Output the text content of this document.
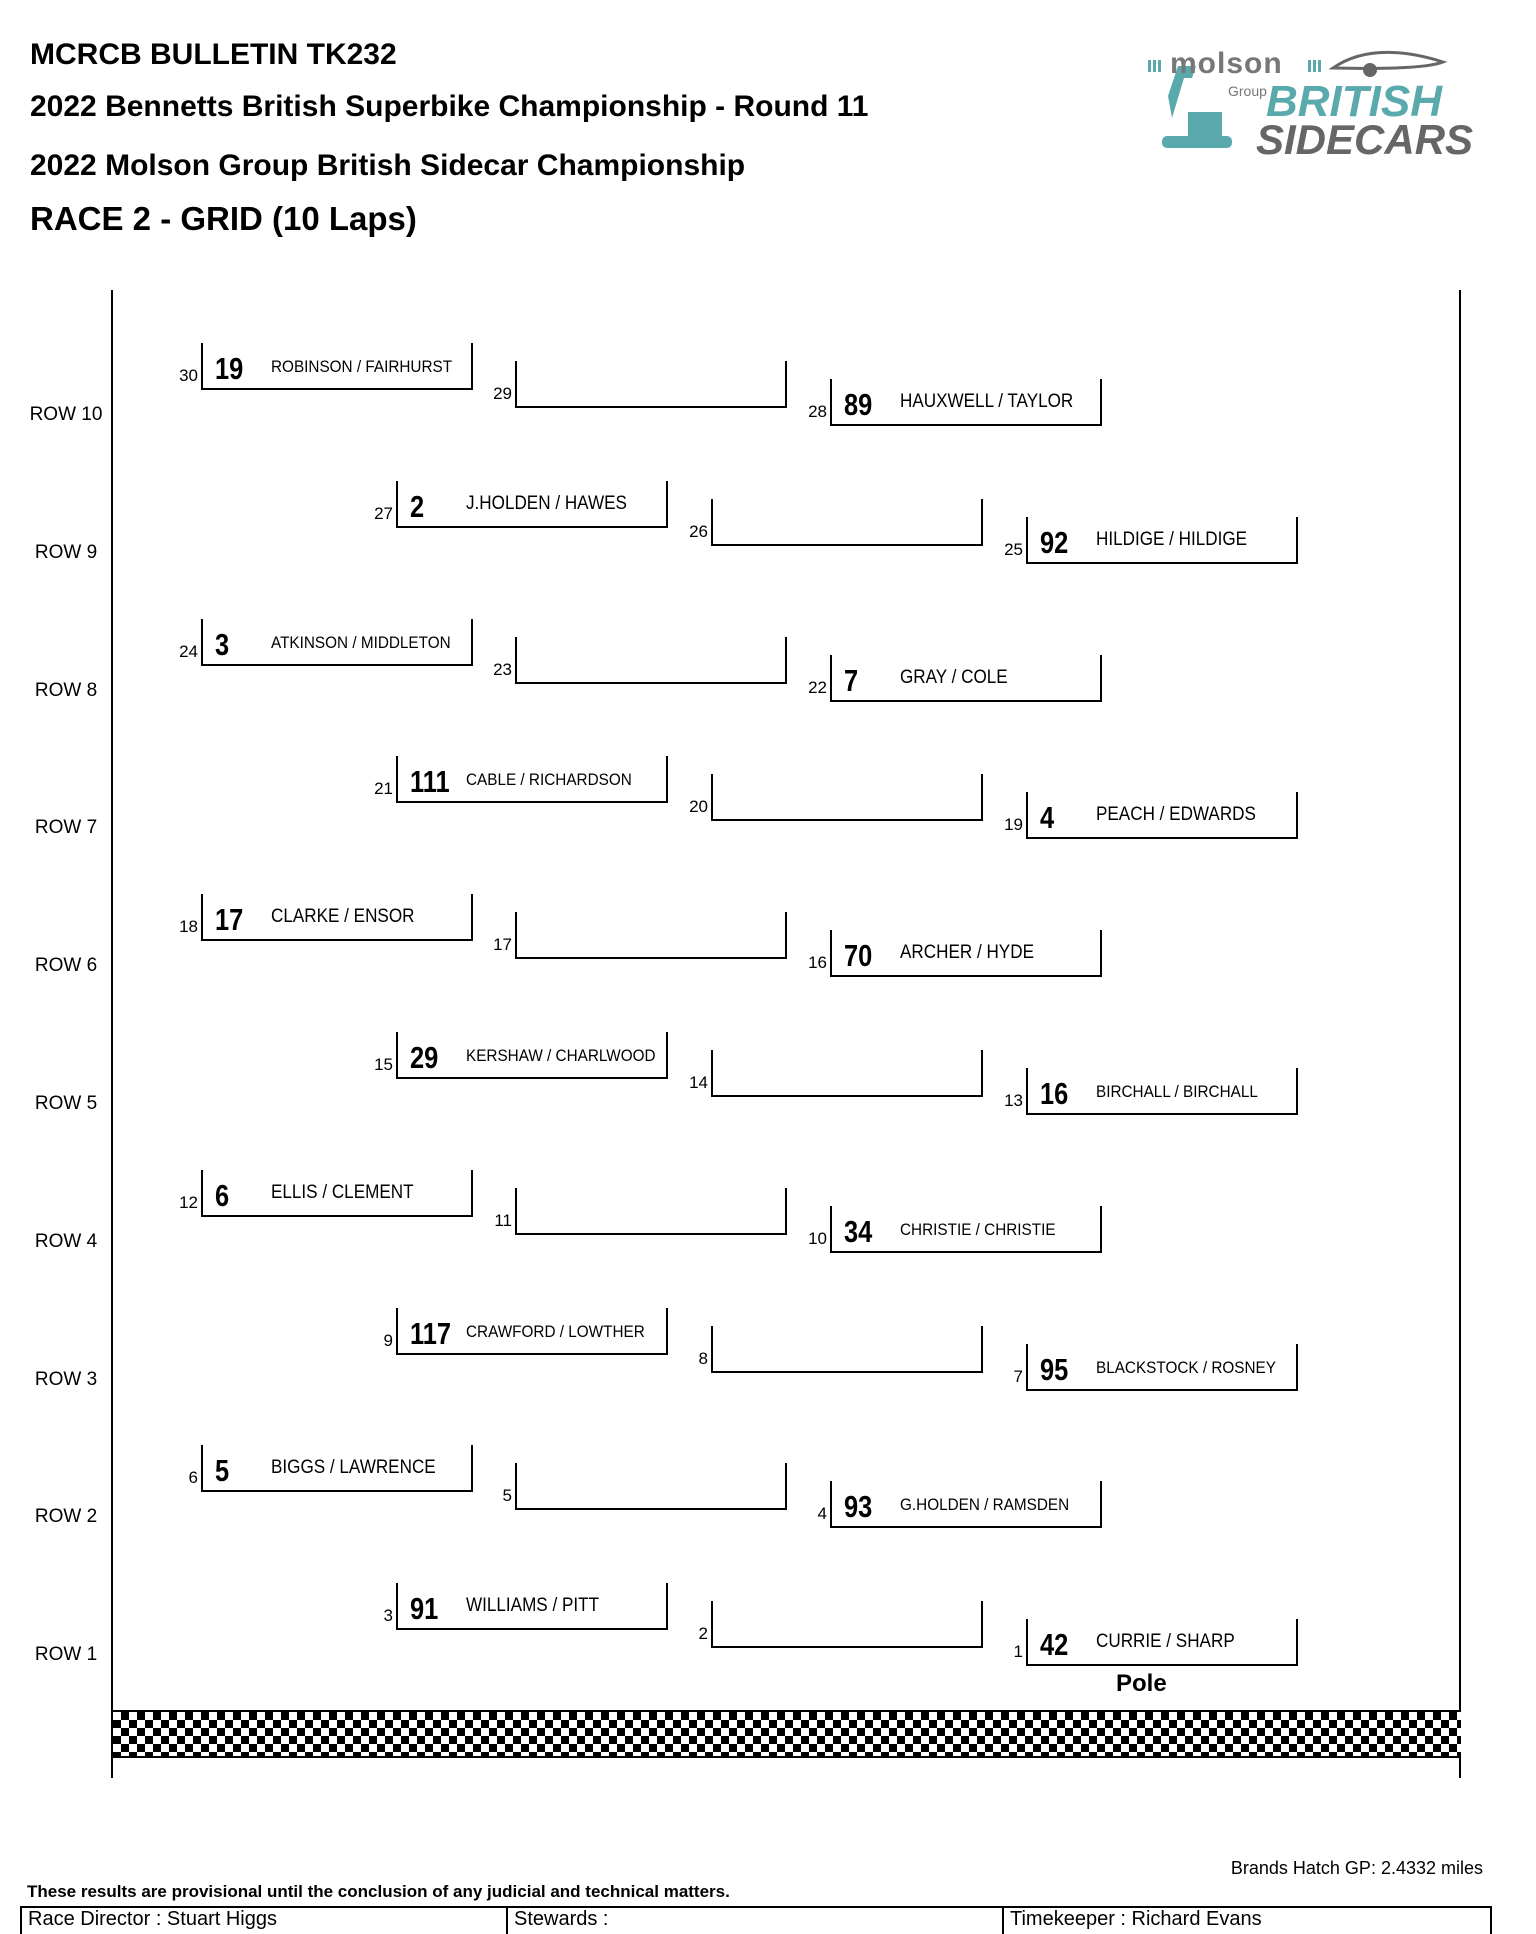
MCRCB BULLETIN TK232
2022 Bennetts British Superbike Championship - Round 11
2022 Molson Group British Sidecar Championship
RACE 2 - GRID (10 Laps)
molson
Group BRITISH
SIDECARS
ROW 10
ROW 9
ROW 8
ROW 7
ROW 6
ROW 5
ROW 4
ROW 3
ROW 2
ROW 1
30 19 ROBINSON / FAIRHURST
29
28 89 HAUXWELL / TAYLOR
27 2 J.HOLDEN / HAWES
26
25 92 HILDIGE / HILDIGE
24 3 ATKINSON / MIDDLETON
23
22 7 GRAY / COLE
21 111 CABLE / RICHARDSON
20
19 4 PEACH / EDWARDS
18 17 CLARKE / ENSOR
17
16 70 ARCHER / HYDE
15 29 KERSHAW / CHARLWOOD
14
13 16 BIRCHALL / BIRCHALL
12 6 ELLIS / CLEMENT
11
10 34 CHRISTIE / CHRISTIE
9 117 CRAWFORD / LOWTHER
8
7 95 BLACKSTOCK / ROSNEY
6 5 BIGGS / LAWRENCE
5
4 93 G.HOLDEN / RAMSDEN
3 91 WILLIAMS / PITT
2
1 42 CURRIE / SHARP
Pole
Brands Hatch GP: 2.4332 miles
These results are provisional until the conclusion of any judicial and technical matters.
Race Director : Stuart Higgs	Stewards :	Timekeeper : Richard Evans
